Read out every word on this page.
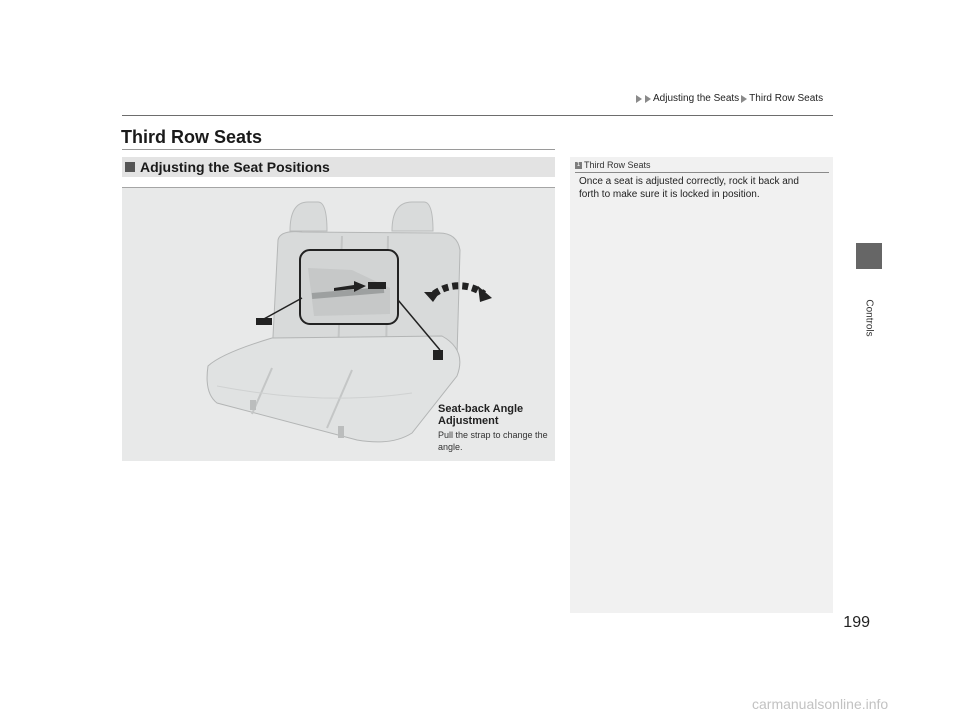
Adjusting the Seats Third Row Seats
Third Row Seats
Adjusting the Seat Positions
Seat-back Angle Adjustment
Pull the strap to change the angle.
1 Third Row Seats

Once a seat is adjusted correctly, rock it back and forth to make sure it is locked in position.

Controls
199
carmanualsonline.info
